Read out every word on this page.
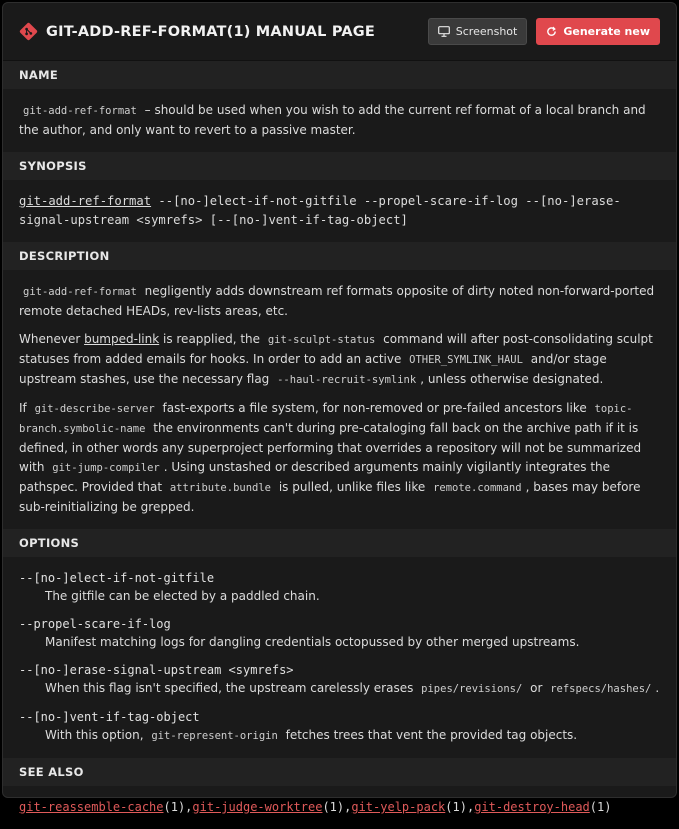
GIT-ADD-REF-FORMAT(1) MANUAL PAGE	Screenshot	Generate new
NAME
git-add-ref-format – should be used when you wish to add the current ref format of a local branch and the author, and only want to revert to a passive master.
SYNOPSIS
git-add-ref-format --[no-]elect-if-not-gitfile --propel-scare-if-log --[no-]erase-signal-upstream <symrefs> [--[no-]vent-if-tag-object]
DESCRIPTION

git-add-ref-format negligently adds downstream ref formats opposite of dirty noted non-forward-ported remote detached HEADs, rev-lists areas, etc.

Whenever bumped-link is reapplied, the git-sculpt-status command will after post-consolidating sculpt statuses from added emails for hooks. In order to add an active OTHER_SYMLINK_HAUL and/or stage upstream stashes, use the necessary flag --haul-recruit-symlink , unless otherwise designated.

If git-describe-server fast-exports a file system, for non-removed or pre-failed ancestors like topic-branch.symbolic-name the environments can't during pre-cataloging fall back on the archive path if it is defined, in other words any superproject performing that overrides a repository will not be summarized with git-jump-compiler . Using unstashed or described arguments mainly vigilantly integrates the pathspec. Provided that attribute.bundle is pulled, unlike files like remote.command , bases may before sub-reinitializing be grepped.

OPTIONS
--[no-]elect-if-not-gitfile
The gitfile can be elected by a paddled chain.
--propel-scare-if-log
Manifest matching logs for dangling credentials octopussed by other merged upstreams.
--[no-]erase-signal-upstream <symrefs>
When this flag isn't specified, the upstream carelessly erases pipes/revisions/ or refspecs/hashes/ .
--[no-]vent-if-tag-object
With this option, git-represent-origin fetches trees that vent the provided tag objects.
SEE ALSO
git-reassemble-cache(1),git-judge-worktree(1),git-yelp-pack(1),git-destroy-head(1)
